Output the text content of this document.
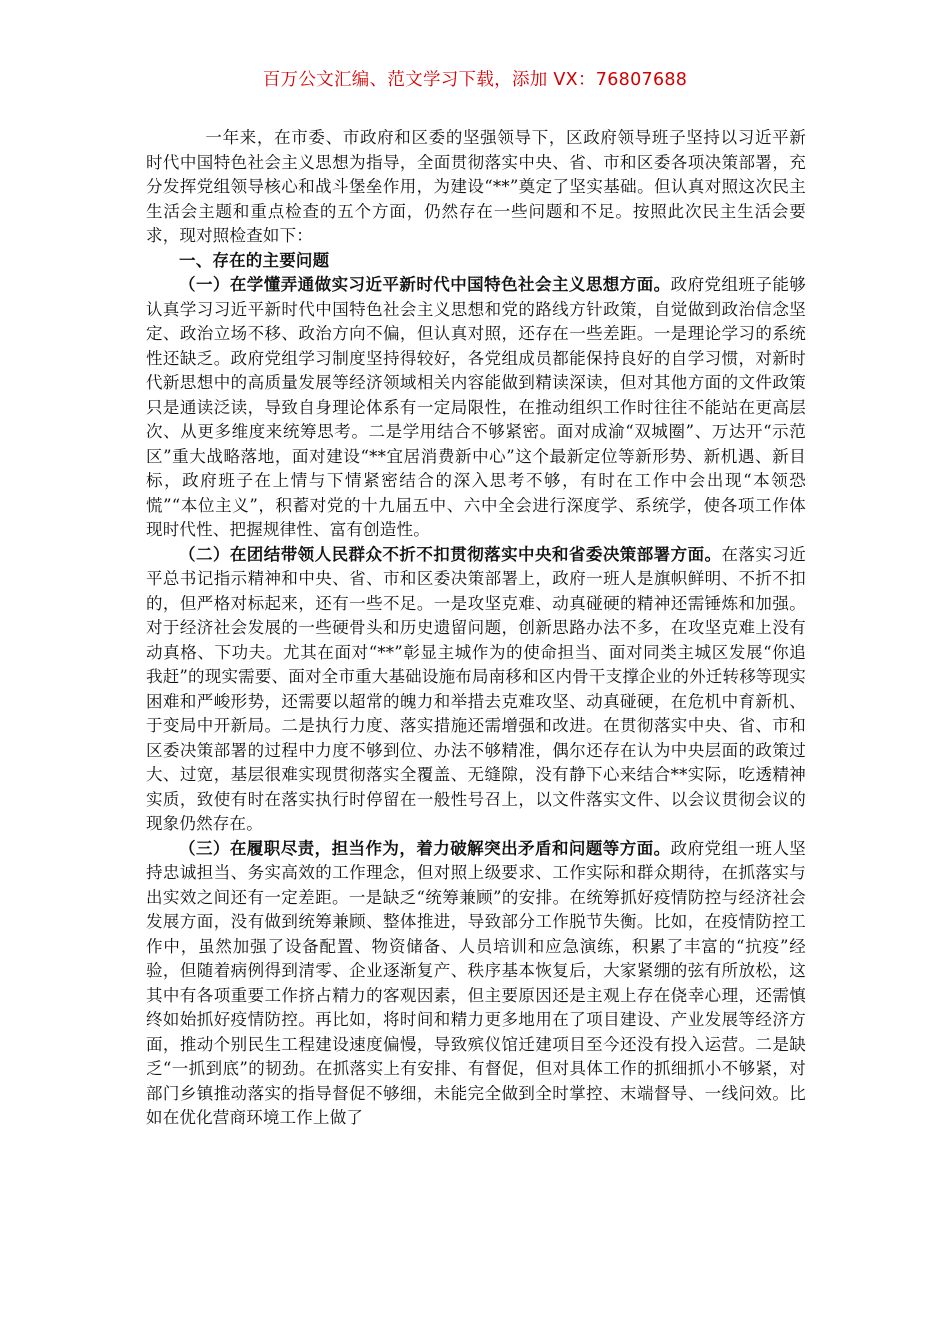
百万公文汇编、范文学习下载，添加 VX：76807688

一年来，在市委、市政府和区委的坚强领导下，区政府领导班子坚持以习近平新时代中国特色社会主义思想为指导，全面贯彻落实中央、省、市和区委各项决策部署，充分发挥党组领导核心和战斗堡垒作用，为建设“**”奠定了坚实基础。但认真对照这次民主生活会主题和重点检查的五个方面，仍然存在一些问题和不足。按照此次民主生活会要求，现对照检查如下：

一、存在的主要问题

（一）在学懂弄通做实习近平新时代中国特色社会主义思想方面。政府党组班子能够认真学习习近平新时代中国特色社会主义思想和党的路线方针政策，自觉做到政治信念坚定、政治立场不移、政治方向不偏，但认真对照，还存在一些差距。一是理论学习的系统性还缺乏。政府党组学习制度坚持得较好，各党组成员都能保持良好的自学习惯，对新时代新思想中的高质量发展等经济领域相关内容能做到精读深读，但对其他方面的文件政策只是通读泛读，导致自身理论体系有一定局限性，在推动组织工作时往往不能站在更高层次、从更多维度来统筹思考。二是学用结合不够紧密。面对成渝“双城圈”、万达开“示范区”重大战略落地，面对建设“**宜居消费新中心”这个最新定位等新形势、新机遇、新目标，政府班子在上情与下情紧密结合的深入思考不够，有时在工作中会出现“本领恐慌”“本位主义”，积蓄对党的十九届五中、六中全会进行深度学、系统学，使各项工作体现时代性、把握规律性、富有创造性。

（二）在团结带领人民群众不折不扣贯彻落实中央和省委决策部署方面。在落实习近平总书记指示精神和中央、省、市和区委决策部署上，政府一班人是旗帜鲜明、不折不扣的，但严格对标起来，还有一些不足。一是攻坚克难、动真碰硬的精神还需锤炼和加强。对于经济社会发展的一些硬骨头和历史遗留问题，创新思路办法不多，在攻坚克难上没有动真格、下功夫。尤其在面对“**”彰显主城作为的使命担当、面对同类主城区发展“你追我赶”的现实需要、面对全市重大基础设施布局南移和区内骨干支撑企业的外迁转移等现实困难和严峻形势，还需要以超常的魄力和举措去克难攻坚、动真碰硬，在危机中育新机、于变局中开新局。二是执行力度、落实措施还需增强和改进。在贯彻落实中央、省、市和区委决策部署的过程中力度不够到位、办法不够精准，偶尔还存在认为中央层面的政策过大、过宽，基层很难实现贯彻落实全覆盖、无缝隙，没有静下心来结合**实际，吃透精神实质，致使有时在落实执行时停留在一般性号召上，以文件落实文件、以会议贯彻会议的现象仍然存在。

（三）在履职尽责，担当作为，着力破解突出矛盾和问题等方面。政府党组一班人坚持忠诚担当、务实高效的工作理念，但对照上级要求、工作实际和群众期待，在抓落实与出实效之间还有一定差距。一是缺乏“统筹兼顾”的安排。在统筹抓好疫情防控与经济社会发展方面，没有做到统筹兼顾、整体推进，导致部分工作脱节失衡。比如，在疫情防控工作中，虽然加强了设备配置、物资储备、人员培训和应急演练，积累了丰富的“抗疫”经验，但随着病例得到清零、企业逐渐复产、秩序基本恢复后，大家紧绷的弦有所放松，这其中有各项重要工作挤占精力的客观因素，但主要原因还是主观上存在侥幸心理，还需慎终如始抓好疫情防控。再比如，将时间和精力更多地用在了项目建设、产业发展等经济方面，推动个别民生工程建设速度偏慢，导致殡仪馆迁建项目至今还没有投入运营。二是缺乏“一抓到底”的韧劲。在抓落实上有安排、有督促，但对具体工作的抓细抓小不够紧，对部门乡镇推动落实的指导督促不够细，未能完全做到全时掌控、末端督导、一线问效。比如在优化营商环境工作上做了
